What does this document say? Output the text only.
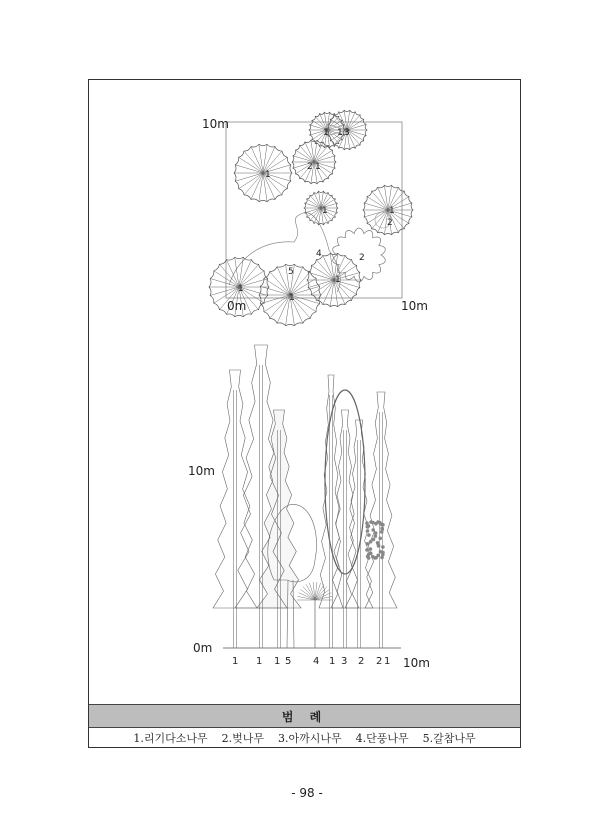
10m
0m	10m
1 1 3
2 1
1
1	1
2
4	2
5
1
1
1
10m
0m
10m
1 1 1 5 4 1 3 2 2 1
범 례
1.리기다소나무 2.벚나무 3.아까시나무 4.단풍나무 5.갈참나무
- 98 -
